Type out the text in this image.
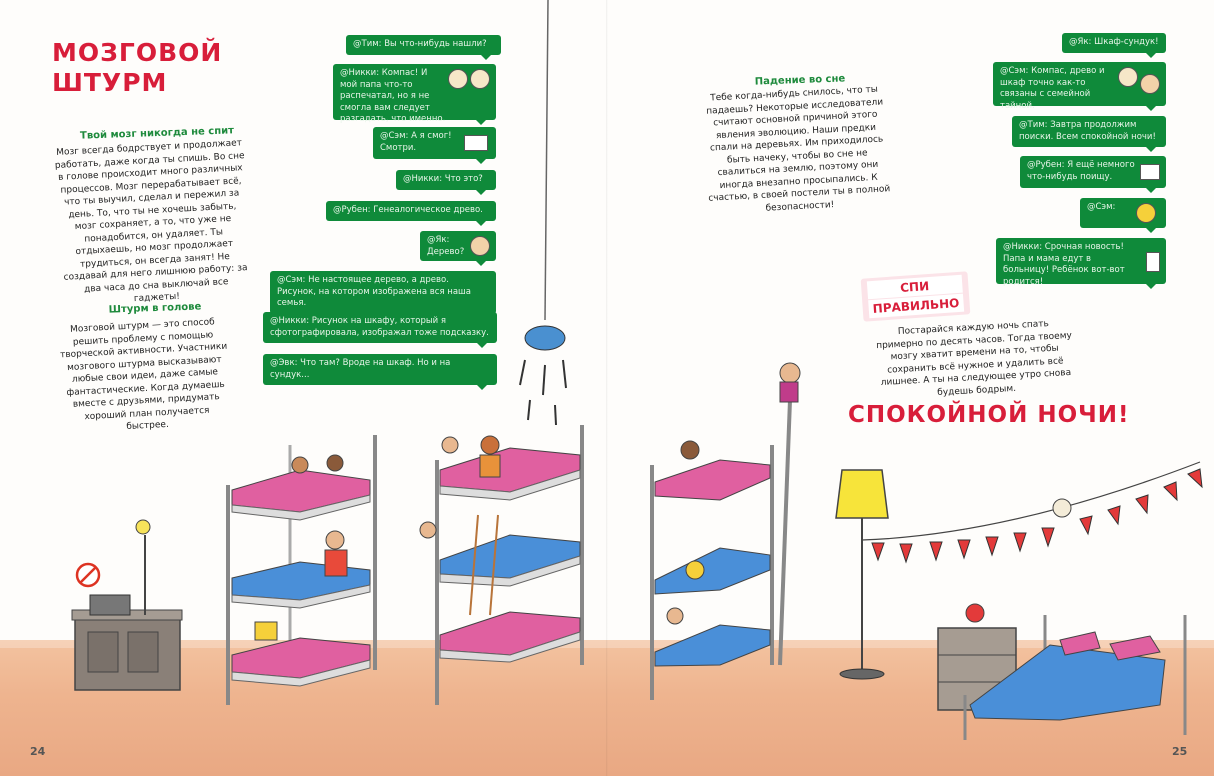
МОЗГОВОЙ ШТУРМ
Твой мозг никогда не спит
Мозг всегда бодрствует и продолжает работать, даже когда ты спишь. Во сне в голове происходит много различных процессов. Мозг перерабатывает всё, что ты выучил, сделал и пережил за день. То, что ты не хочешь забыть, мозг сохраняет, а то, что уже не понадобится, он удаляет. Ты отдыхаешь, но мозг продолжает трудиться, он всегда занят! Не создавай для него лишнюю работу: за два часа до сна выключай все гаджеты!
Штурм в голове
Мозговой штурм — это способ решить проблему с помощью творческой активности. Участники мозгового штурма высказывают любые свои идеи, даже самые фантастические. Когда думаешь вместе с друзьями, придумать хороший план получается быстрее.
@Тим: Вы что-нибудь нашли?
@Никки: Компас! И мой папа что-то распечатал, но я не смогла вам следует разгадать, что именно.
@Сэм: А я смог! Смотри.
@Никки: Что это?
@Рубен: Генеалогическое древо.
@Як: Дерево?
@Сэм: Не настоящее дерево, а древо. Рисунок, на котором изображена вся наша семья.
@Никки: Рисунок на шкафу, который я сфотографировала, изображал тоже подсказку.
@Эвк: Что там? Вроде на шкаф. Но и на сундук...
Падение во сне
Тебе когда-нибудь снилось, что ты падаешь? Некоторые исследователи считают основной причиной этого явления эволюцию. Наши предки спали на деревьях. Им приходилось быть начеку, чтобы во сне не свалиться на землю, поэтому они иногда внезапно просыпались. К счастью, в своей постели ты в полной безопасности!
@Як: Шкаф-сундук!
@Сэм: Компас, древо и шкаф точно как-то связаны с семейной тайной.
@Тим: Завтра продолжим поиски. Всем спокойной ночи!
@Рубен: Я ещё немного что-нибудь поищу.
@Сэм:
@Никки: Срочная новость! Папа и мама едут в больницу! Ребёнок вот-вот родится!
СПИ
ПРАВИЛЬНО
Постарайся каждую ночь спать примерно по десять часов. Тогда твоему мозгу хватит времени на то, чтобы сохранить всё нужное и удалить всё лишнее. А ты на следующее утро снова будешь бодрым.
СПОКОЙНОЙ НОЧИ!
24	25
